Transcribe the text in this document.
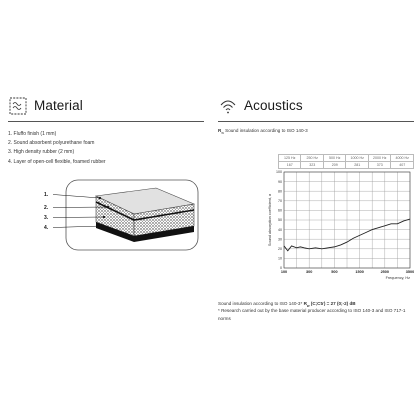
Material
1. Fluffo finish (1 mm)
2. Sound absorbent polyurethane foam
3. High density rubber (2 mm)
4. Layer of open-cell flexible, foamed rubber
1.
2.
3.
4.
Acoustics
$R_w$ Sound insulation according to ISO 140-3
125 Hz	250 Hz	500 Hz	1000 Hz	2000 Hz	4000 Hz
167	323	209	281	373	407
0
10
20
30
40
50
60
70
80
90
100
100	300	500	1500	2500	3500
Sound absorption coefficient, α
Frequency, Hz
Sound insulation according to ISO 140-3* $R_w$ (C;Ctr) = 27 (0;-2) dB
* Research carried out by the base material producer according to ISO 140-3 and ISO 717-1 norms
